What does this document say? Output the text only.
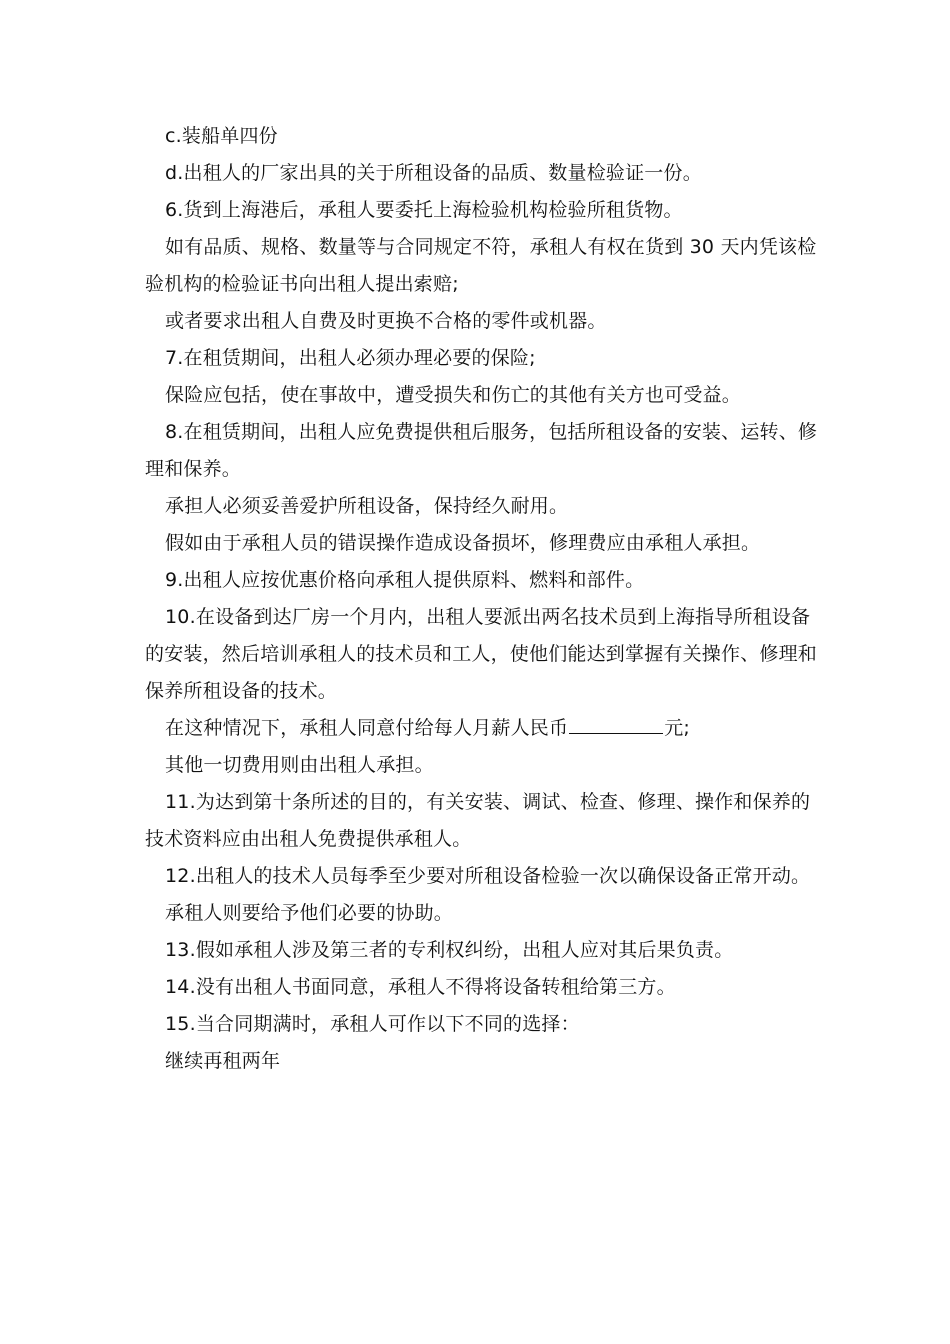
c.装船单四份

d.出租人的厂家出具的关于所租设备的品质、数量检验证一份。

6.货到上海港后，承租人要委托上海检验机构检验所租货物。

如有品质、规格、数量等与合同规定不符，承租人有权在货到 30 天内凭该检验机构的检验证书向出租人提出索赔;

或者要求出租人自费及时更换不合格的零件或机器。

7.在租赁期间，出租人必须办理必要的保险;

保险应包括，使在事故中，遭受损失和伤亡的其他有关方也可受益。

8.在租赁期间，出租人应免费提供租后服务，包括所租设备的安装、运转、修理和保养。

承担人必须妥善爱护所租设备，保持经久耐用。

假如由于承租人员的错误操作造成设备损坏，修理费应由承租人承担。

9.出租人应按优惠价格向承租人提供原料、燃料和部件。

10.在设备到达厂房一个月内，出租人要派出两名技术员到上海指导所租设备的安装，然后培训承租人的技术员和工人，使他们能达到掌握有关操作、修理和保养所租设备的技术。

在这种情况下，承租人同意付给每人月薪人民币	元;

其他一切费用则由出租人承担。

11.为达到第十条所述的目的，有关安装、调试、检查、修理、操作和保养的技术资料应由出租人免费提供承租人。

12.出租人的技术人员每季至少要对所租设备检验一次以确保设备正常开动。

承租人则要给予他们必要的协助。

13.假如承租人涉及第三者的专利权纠纷，出租人应对其后果负责。

14.没有出租人书面同意，承租人不得将设备转租给第三方。

15.当合同期满时，承租人可作以下不同的选择：

继续再租两年
